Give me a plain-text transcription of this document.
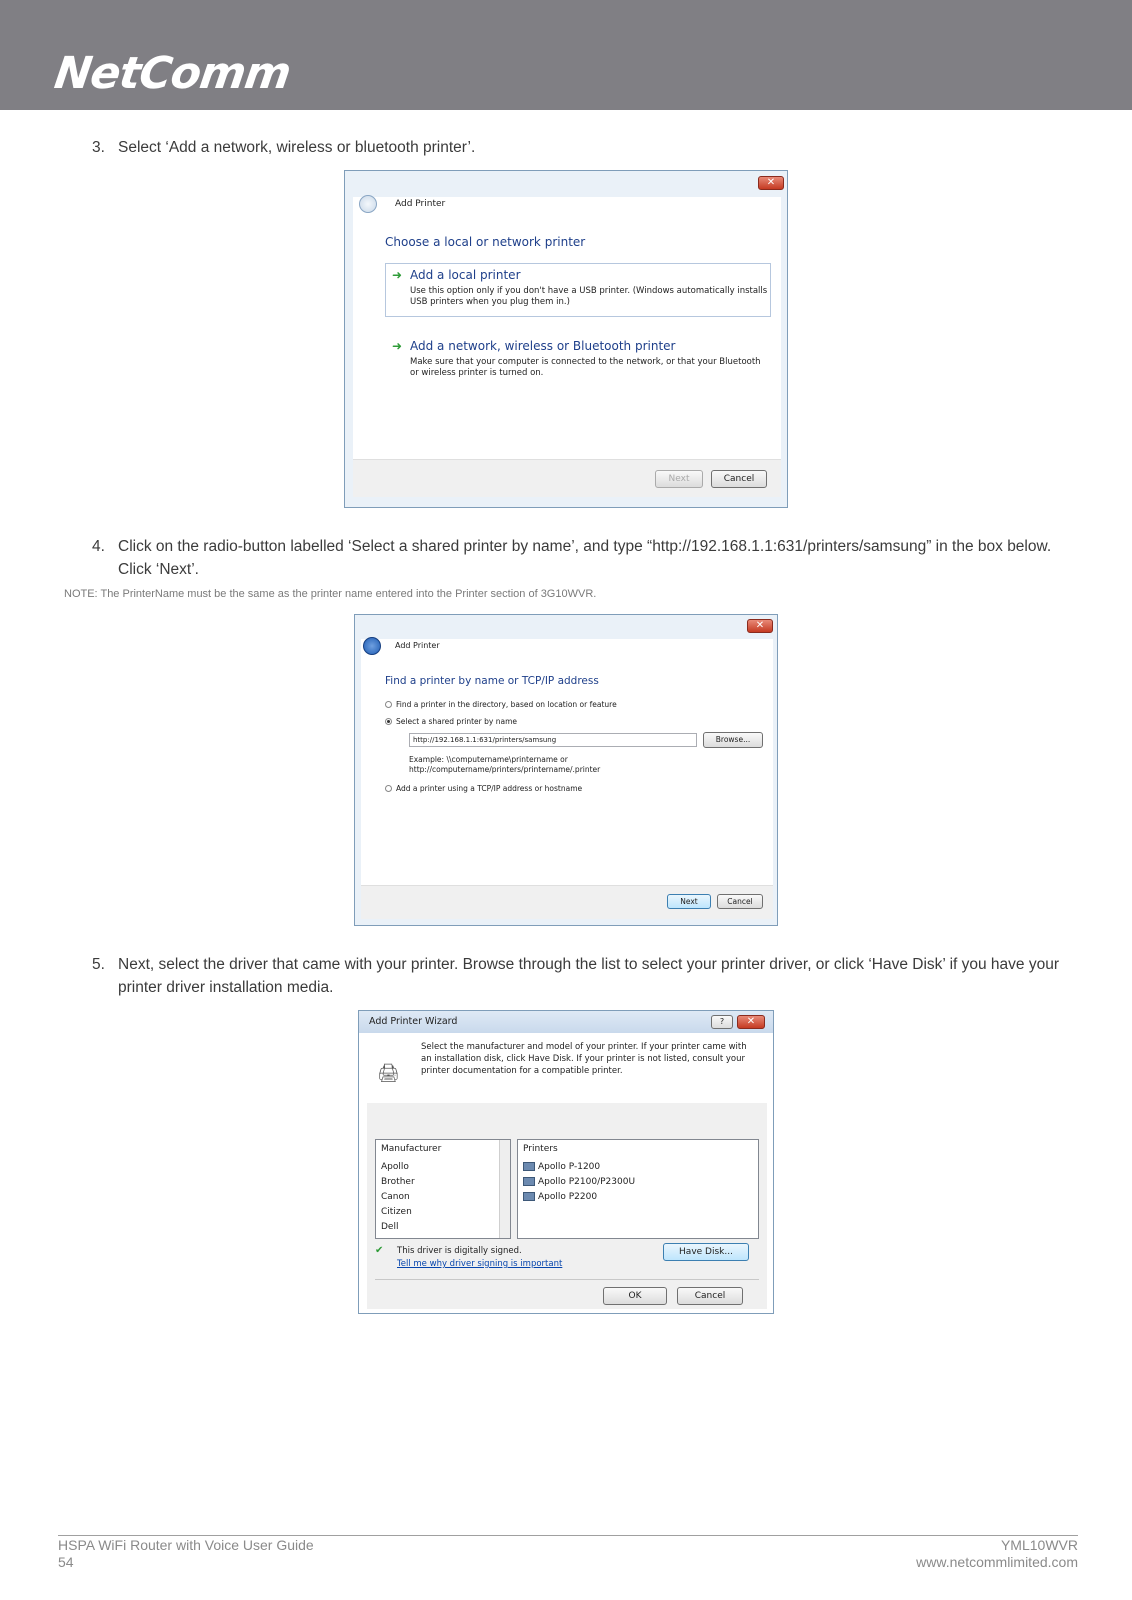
NetComm
3. Select ‘Add a network, wireless or bluetooth printer’.
✕
Add Printer
Choose a local or network printer
➜ Add a local printer
Use this option only if you don't have a USB printer. (Windows automatically installs USB printers when you plug them in.)
➜ Add a network, wireless or Bluetooth printer
Make sure that your computer is connected to the network, or that your Bluetooth or wireless printer is turned on.
Next	Cancel
4. Click on the radio-button labelled ‘Select a shared printer by name’, and type “http://192.168.1.1:631/printers/samsung” in the box below. Click ‘Next’.
NOTE: The PrinterName must be the same as the printer name entered into the Printer section of 3G10WVR.
✕
Add Printer
Find a printer by name or TCP/IP address
Find a printer in the directory, based on location or feature
Select a shared printer by name
http://192.168.1.1:631/printers/samsung	Browse...
Example: \\computername\printername or http://computername/printers/printername/.printer
Add a printer using a TCP/IP address or hostname
Next	Cancel
5. Next, select the driver that came with your printer. Browse through the list to select your printer driver, or click ‘Have Disk’ if you have your printer driver installation media.
Add Printer Wizard	?	✕
🖨
Select the manufacturer and model of your printer. If your printer came with an installation disk, click Have Disk. If your printer is not listed, consult your printer documentation for a compatible printer.
Manufacturer
Apollo
Brother
Canon
Citizen
Dell
Printers
Apollo P-1200
Apollo P2100/P2300U
Apollo P2200
✔ This driver is digitally signed.
Tell me why driver signing is important
Have Disk...
OK	Cancel
HSPA WiFi Router with Voice User Guide
54
YML10WVR
www.netcommlimited.com
